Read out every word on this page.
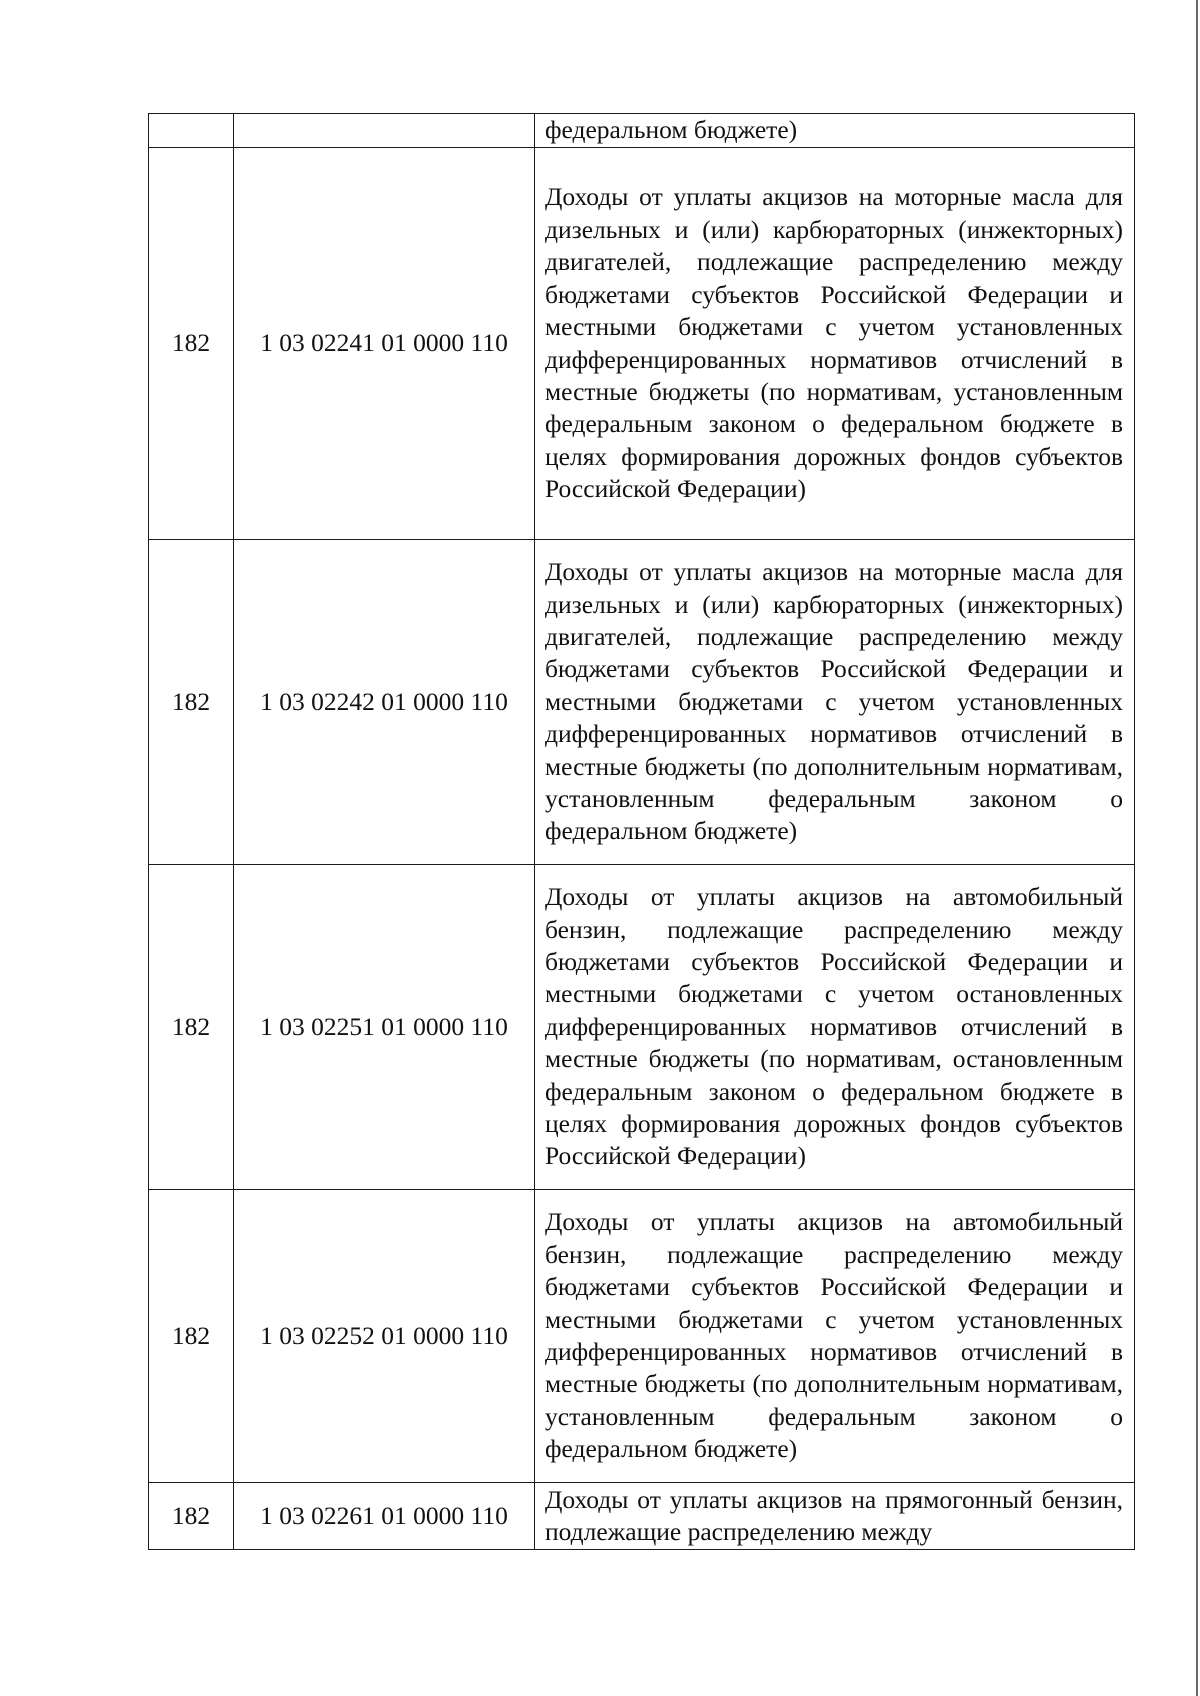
		федеральном бюджете)
182	1 03 02241 01 0000 110	Доходы от уплаты акцизов на моторные масла для дизельных и (или) карбюраторных (инжекторных) двигателей, подлежащие распределению между бюджетами субъектов Российской Федерации и местными бюджетами с учетом установленных дифференцированных нормативов отчислений в местные бюджеты (по нормативам, установленным федеральным законом о федеральном бюджете в целях формирования дорожных фондов субъектов Российской Федерации)
182	1 03 02242 01 0000 110	Доходы от уплаты акцизов на моторные масла для дизельных и (или) карбюраторных (инжекторных) двигателей, подлежащие распределению между бюджетами субъектов Российской Федерации и местными бюджетами с учетом установленных дифференцированных нормативов отчислений в местные бюджеты (по дополнительным нормативам, установленным федеральным законом о федеральном бюджете)
182	1 03 02251 01 0000 110	Доходы от уплаты акцизов на автомобильный бензин, подлежащие распределению между бюджетами субъектов Российской Федерации и местными бюджетами с учетом остановленных дифференцированных нормативов отчислений в местные бюджеты (по нормативам, остановленным федеральным законом о федеральном бюджете в целях формирования дорожных фондов субъектов Российской Федерации)
182	1 03 02252 01 0000 110	Доходы от уплаты акцизов на автомобильный бензин, подлежащие распределению между бюджетами субъектов Российской Федерации и местными бюджетами с учетом установленных дифференцированных нормативов отчислений в местные бюджеты (по дополнительным нормативам, установленным федеральным законом о федеральном бюджете)
182	1 03 02261 01 0000 110	Доходы от уплаты акцизов на прямогонный бензин, подлежащие распределению между
